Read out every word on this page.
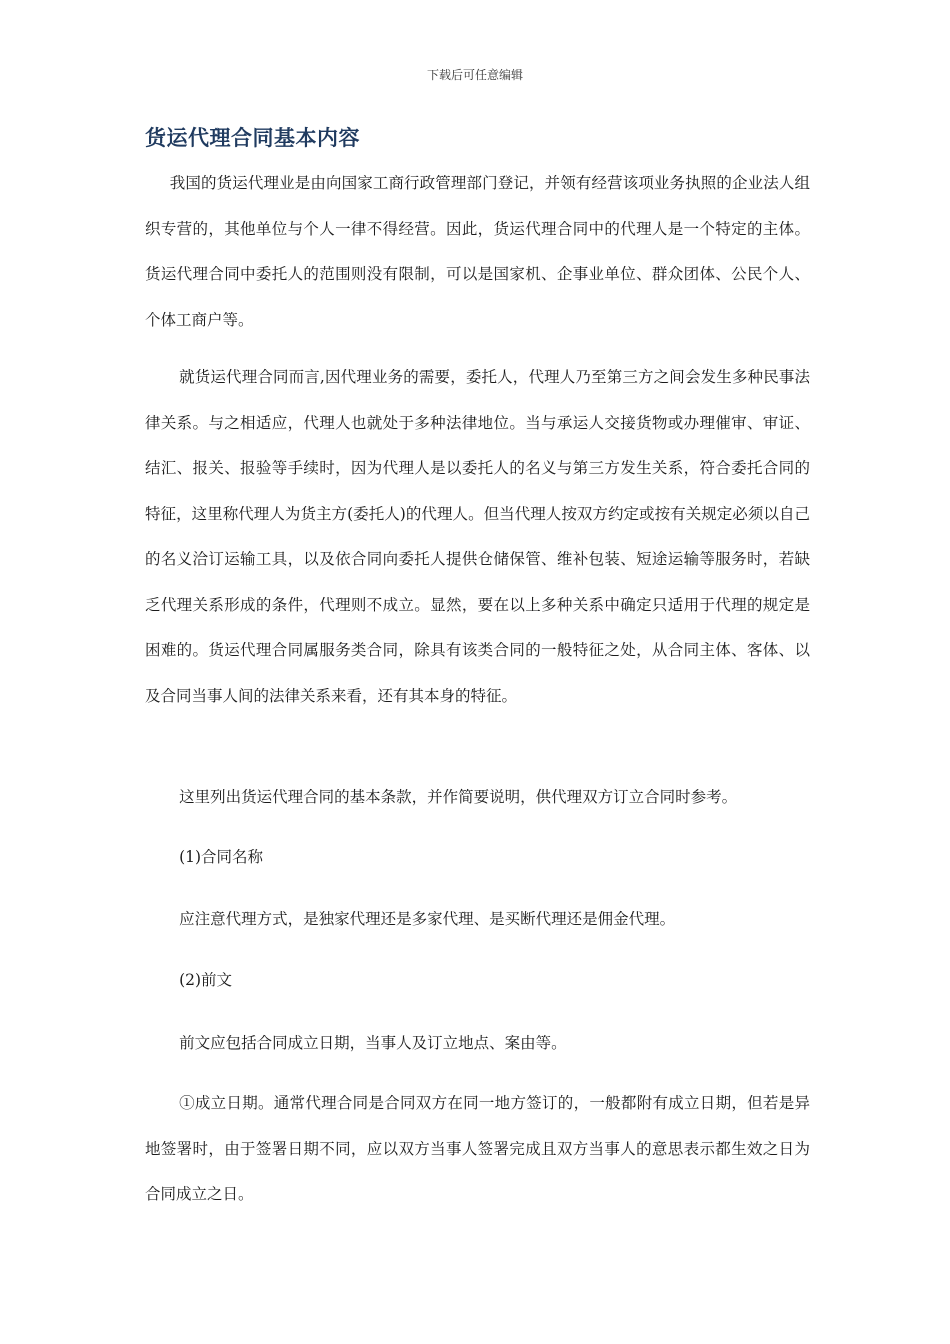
下载后可任意编辑
货运代理合同基本内容
我国的货运代理业是由向国家工商行政管理部门登记，并领有经营该项业务执照的企业法人组织专营的，其他单位与个人一律不得经营。因此，货运代理合同中的代理人是一个特定的主体。货运代理合同中委托人的范围则没有限制，可以是国家机、企事业单位、群众团体、公民个人、个体工商户等。
就货运代理合同而言,因代理业务的需要，委托人，代理人乃至第三方之间会发生多种民事法律关系。与之相适应，代理人也就处于多种法律地位。当与承运人交接货物或办理催审、审证、结汇、报关、报验等手续时，因为代理人是以委托人的名义与第三方发生关系，符合委托合同的特征，这里称代理人为货主方(委托人)的代理人。但当代理人按双方约定或按有关规定必须以自己的名义洽订运输工具，以及依合同向委托人提供仓储保管、维补包装、短途运输等服务时，若缺乏代理关系形成的条件，代理则不成立。显然，要在以上多种关系中确定只适用于代理的规定是困难的。货运代理合同属服务类合同，除具有该类合同的一般特征之处，从合同主体、客体、以及合同当事人间的法律关系来看，还有其本身的特征。
这里列出货运代理合同的基本条款，并作简要说明，供代理双方订立合同时参考。
(1)合同名称
应注意代理方式，是独家代理还是多家代理、是买断代理还是佣金代理。
(2)前文
前文应包括合同成立日期，当事人及订立地点、案由等。
①成立日期。通常代理合同是合同双方在同一地方签订的，一般都附有成立日期，但若是异地签署时，由于签署日期不同，应以双方当事人签署完成且双方当事人的意思表示都生效之日为合同成立之日。
